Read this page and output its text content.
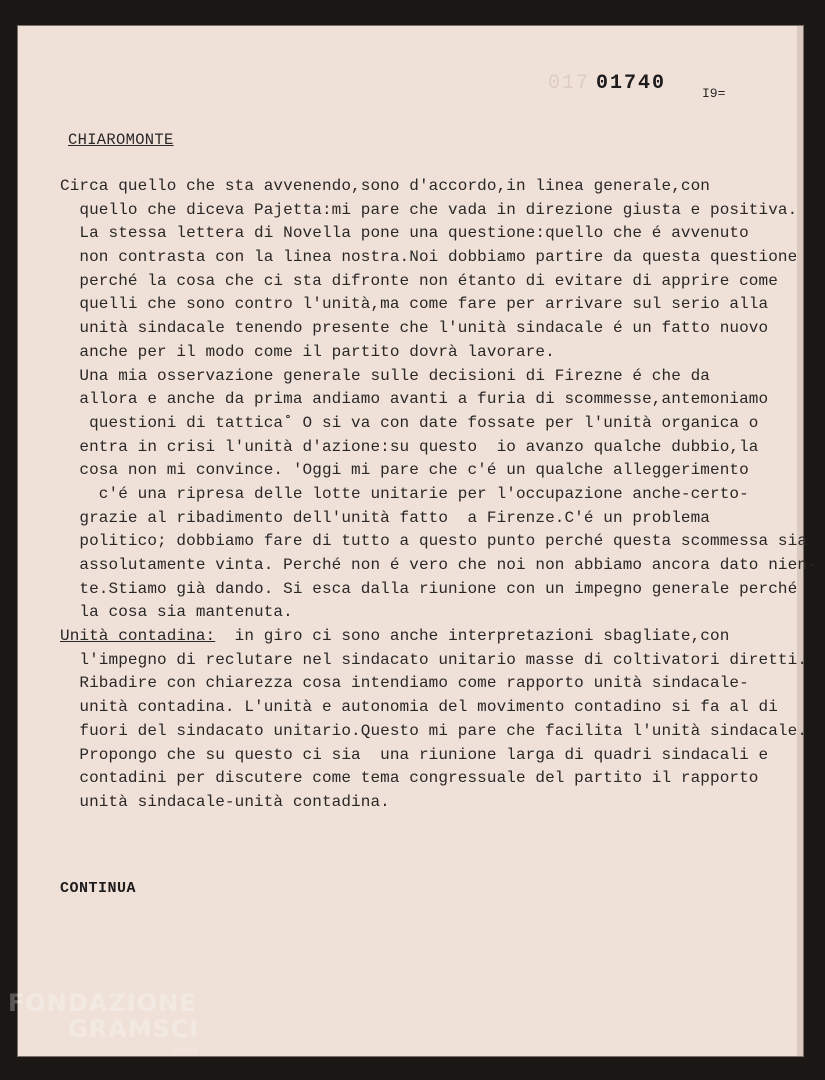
017 01740	I9=
CHIAROMONTE
Circa quello che sta avvenendo,sono d'accordo,in linea generale,con
quello che diceva Pajetta:mi pare che vada in direzione giusta e positiva.
La stessa lettera di Novella pone una questione:quello che é avvenuto
non contrasta con la linea nostra.Noi dobbiamo partire da questa questione
perché la cosa che ci sta difronte non étanto di evitare di apprire come
quelli che sono contro l'unità,ma come fare per arrivare sul serio alla
unità sindacale tenendo presente che l'unità sindacale é un fatto nuovo
anche per il modo come il partito dovrà lavorare.
Una mia osservazione generale sulle decisioni di Firezne é che da
allora e anche da prima andiamo avanti a furia di scommesse,antemoniamo
questioni di tattica˚ O si va con date fossate per l'unità organica o
entra in crisi l'unità d'azione:su questo  io avanzo qualche dubbio,la
cosa non mi convince. 'Oggi mi pare che c'é un qualche alleggerimento
c'é una ripresa delle lotte unitarie per l'occupazione anche-certo-
grazie al ribadimento dell'unità fatto  a Firenze.C'é un problema
politico; dobbiamo fare di tutto a questo punto perché questa scommessa sia
assolutamente vinta. Perché non é vero che noi non abbiamo ancora dato nien-
te.Stiamo già dando. Si esca dalla riunione con un impegno generale perché
la cosa sia mantenuta.
Unità contadina:  in giro ci sono anche interpretazioni sbagliate,con
l'impegno di reclutare nel sindacato unitario masse di coltivatori diretti.
Ribadire con chiarezza cosa intendiamo come rapporto unità sindacale-
unità contadina. L'unità e autonomia del movimento contadino si fa al di
fuori del sindacato unitario.Questo mi pare che facilita l'unità sindacale.
Propongo che su questo ci sia  una riunione larga di quadri sindacali e
contadini per discutere come tema congressuale del partito il rapporto
unità sindacale-unità contadina.
CONTINUA
FONDAZIONE
GRAMSCI
onlus
